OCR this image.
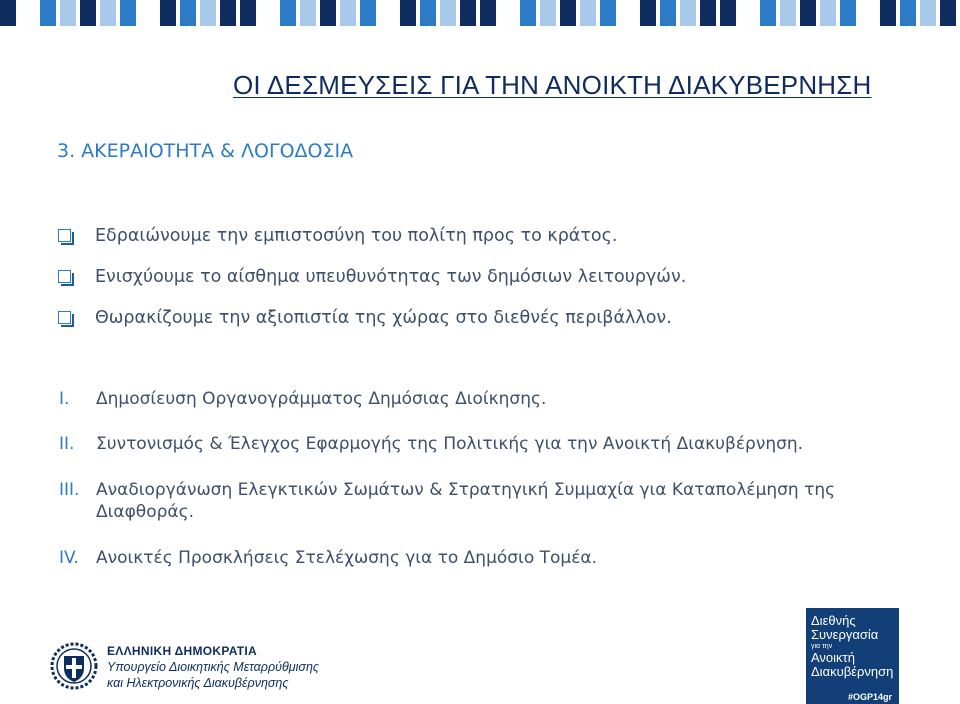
ΟΙ ΔΕΣΜΕΥΣΕΙΣ ΓΙΑ ΤΗΝ ΑΝΟΙΚΤΗ ΔΙΑΚΥΒΕΡΝΗΣΗ
3. ΑΚΕΡΑΙΟΤΗΤΑ & ΛΟΓΟΔΟΣΙΑ
Εδραιώνουμε την εμπιστοσύνη του πολίτη προς το κράτος.
Ενισχύουμε το αίσθημα υπευθυνότητας των δημόσιων λειτουργών.
Θωρακίζουμε την αξιοπιστία της χώρας στο διεθνές περιβάλλον.
I. Δημοσίευση Οργανογράμματος Δημόσιας Διοίκησης.
II. Συντονισμός & Έλεγχος Εφαρμογής της Πολιτικής για την Ανοικτή Διακυβέρνηση.
III. Αναδιοργάνωση Ελεγκτικών Σωμάτων & Στρατηγική Συμμαχία για Καταπολέμηση της
Διαφθοράς.
IV. Ανοικτές Προσκλήσεις Στελέχωσης για το Δημόσιο Τομέα.
ΕΛΛΗΝΙΚΗ ΔΗΜΟΚΡΑΤΙΑ
Υπουργείο Διοικητικής Μεταρρύθμισης
και Ηλεκτρονικής Διακυβέρνησης
Διεθνής
Συνεργασία
για την
Ανοικτή
Διακυβέρνηση
#OGP14gr
